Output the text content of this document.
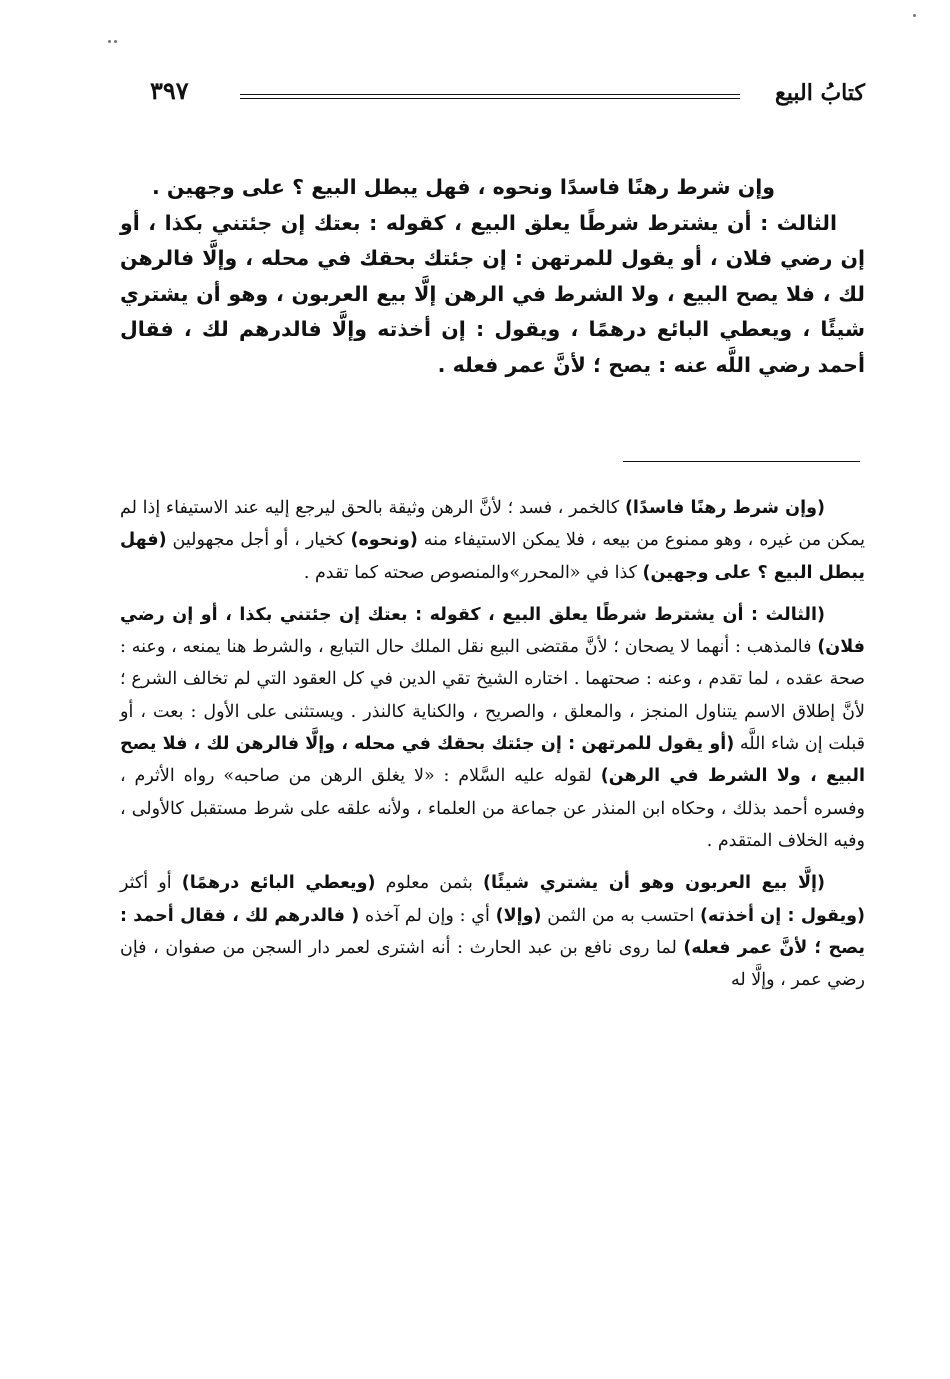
كتابُ البيع
٣٩٧

وإن شرط رهنًا فاسدًا ونحوه ، فهل يبطل البيع ؟ على وجهين .

الثالث : أن يشترط شرطًا يعلق البيع ، كقوله : بعتك إن جئتني بكذا ، أو إن رضي فلان ، أو يقول للمرتهن : إن جئتك بحقك في محله ، وإلَّا فالرهن لك ، فلا يصح البيع ، ولا الشرط في الرهن إلَّا بيع العربون ، وهو أن يشتري شيئًا ، ويعطي البائع درهمًا ، ويقول : إن أخذته وإلَّا فالدرهم لك ، فقال أحمد رضي اللَّه عنه : يصح ؛ لأنَّ عمر فعله .

(وإن شرط رهنًا فاسدًا) كالخمر ، فسد ؛ لأنَّ الرهن وثيقة بالحق ليرجع إليه عند الاستيفاء إذا لم يمكن من غيره ، وهو ممنوع من بيعه ، فلا يمكن الاستيفاء منه (ونحوه) كخيار ، أو أجل مجهولين (فهل يبطل البيع ؟ على وجهين) كذا في «المحرر»والمنصوص صحته كما تقدم .

(الثالث : أن يشترط شرطًا يعلق البيع ، كقوله : بعتك إن جئتني بكذا ، أو إن رضي فلان) فالمذهب : أنهما لا يصحان ؛ لأنَّ مقتضى البيع نقل الملك حال التبايع ، والشرط هنا يمنعه ، وعنه : صحة عقده ، لما تقدم ، وعنه : صحتهما . اختاره الشيخ تقي الدين في كل العقود التي لم تخالف الشرع ؛ لأنَّ إطلاق الاسم يتناول المنجز ، والمعلق ، والصريح ، والكناية كالنذر . ويستثنى على الأول : بعت ، أو قبلت إن شاء اللَّه (أو يقول للمرتهن : إن جئتك بحقك في محله ، وإلَّا فالرهن لك ، فلا يصح البيع ، ولا الشرط في الرهن) لقوله عليه السَّلام : «لا يغلق الرهن من صاحبه» رواه الأثرم ، وفسره أحمد بذلك ، وحكاه ابن المنذر عن جماعة من العلماء ، ولأنه علقه على شرط مستقبل كالأولى ، وفيه الخلاف المتقدم .

(إلَّا بيع العربون وهو أن يشتري شيئًا) بثمن معلوم (ويعطي البائع درهمًا) أو أكثر (ويقول : إن أخذته) احتسب به من الثمن (وإلا) أي : وإن لم آخذه ( فالدرهم لك ، فقال أحمد : يصح ؛ لأنَّ عمر فعله) لما روى نافع بن عبد الحارث : أنه اشترى لعمر دار السجن من صفوان ، فإن رضي عمر ، وإلَّا له
